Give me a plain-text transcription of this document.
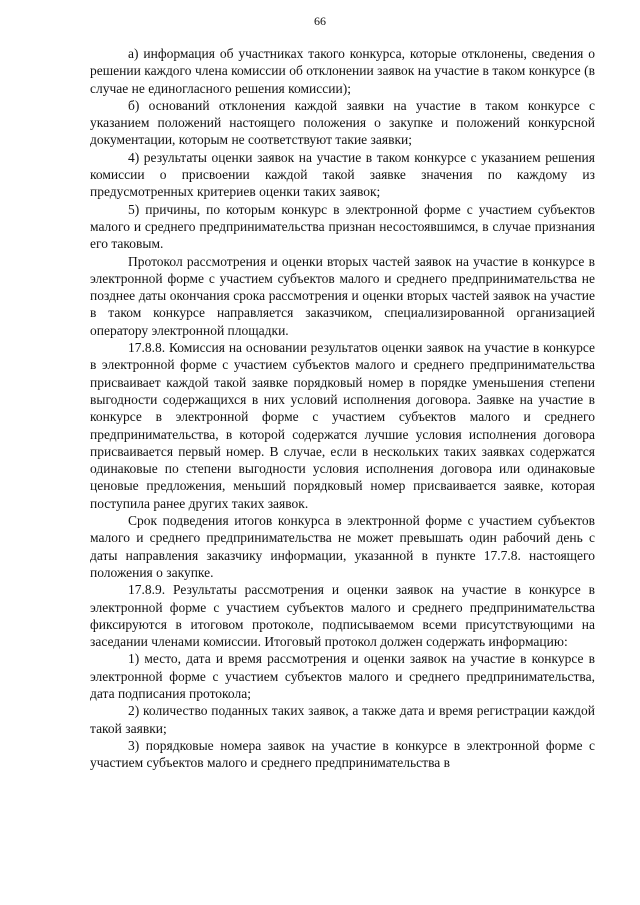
66

а) информация об участниках такого конкурса, которые отклонены, сведения о решении каждого члена комиссии об отклонении заявок на участие в таком конкурсе (в случае не единогласного решения комиссии);

б) оснований отклонения каждой заявки на участие в таком конкурсе с указанием положений настоящего положения о закупке и положений конкурсной документации, которым не соответствуют такие заявки;

4) результаты оценки заявок на участие в таком конкурсе с указанием решения комиссии о присвоении каждой такой заявке значения по каждому из предусмотренных критериев оценки таких заявок;

5) причины, по которым конкурс в электронной форме с участием субъектов малого и среднего предпринимательства признан несостоявшимся, в случае признания его таковым.

Протокол рассмотрения и оценки вторых частей заявок на участие в конкурсе в электронной форме с участием субъектов малого и среднего предпринимательства не позднее даты окончания срока рассмотрения и оценки вторых частей заявок на участие в таком конкурсе направляется заказчиком, специализированной организацией оператору электронной площадки.

17.8.8. Комиссия на основании результатов оценки заявок на участие в конкурсе в электронной форме с участием субъектов малого и среднего предпринимательства присваивает каждой такой заявке порядковый номер в порядке уменьшения степени выгодности содержащихся в них условий исполнения договора. Заявке на участие в конкурсе в электронной форме с участием субъектов малого и среднего предпринимательства, в которой содержатся лучшие условия исполнения договора присваивается первый номер. В случае, если в нескольких таких заявках содержатся одинаковые по степени выгодности условия исполнения договора или одинаковые ценовые предложения, меньший порядковый номер присваивается заявке, которая поступила ранее других таких заявок.

Срок подведения итогов конкурса в электронной форме с участием субъектов малого и среднего предпринимательства не может превышать один рабочий день с даты направления заказчику информации, указанной в пункте 17.7.8. настоящего положения о закупке.

17.8.9. Результаты рассмотрения и оценки заявок на участие в конкурсе в электронной форме с участием субъектов малого и среднего предпринимательства фиксируются в итоговом протоколе, подписываемом всеми присутствующими на заседании членами комиссии. Итоговый протокол должен содержать информацию:

1) место, дата и время рассмотрения и оценки заявок на участие в конкурсе в электронной форме с участием субъектов малого и среднего предпринимательства, дата подписания протокола;

2) количество поданных таких заявок, а также дата и время регистрации каждой такой заявки;

3) порядковые номера заявок на участие в конкурсе в электронной форме с участием субъектов малого и среднего предпринимательства в
